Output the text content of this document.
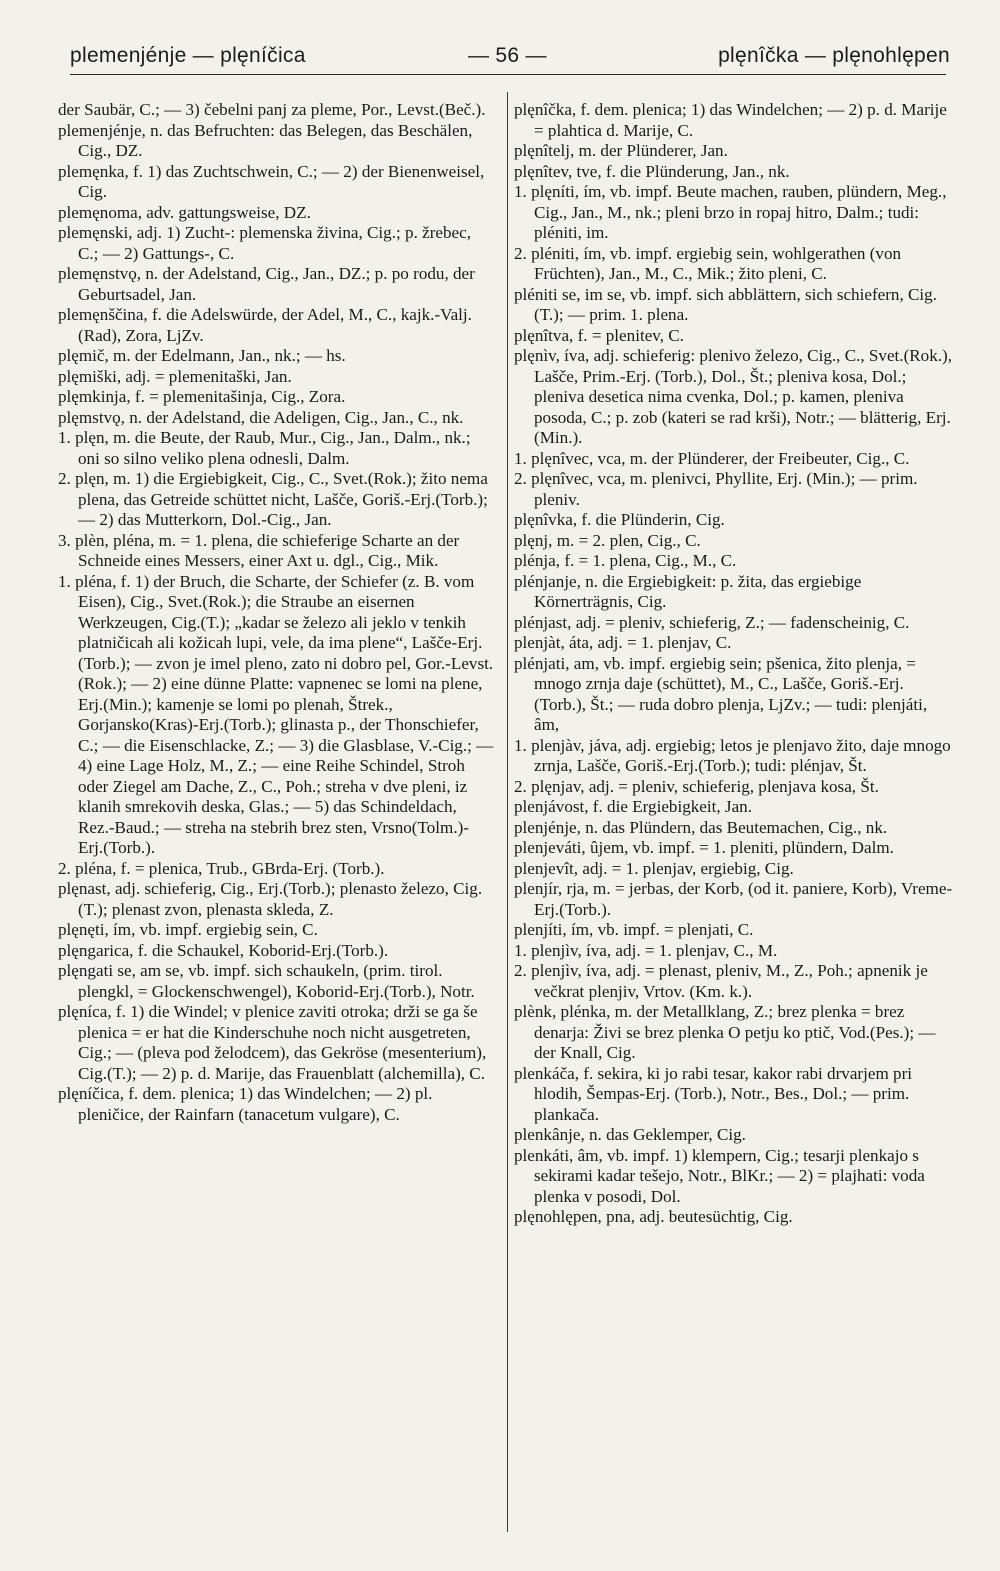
plemenjénje — plęníčica	— 56 —	plęnîčka — plęnohlępen

der Saubär, C.; — 3) čebelni panj za pleme, Por., Levst.(Beč.).

plemenjénje, n. das Befruchten: das Belegen, das Beschälen, Cig., DZ.

plemęnka, f. 1) das Zuchtschwein, C.; — 2) der Bienenweisel, Cig.

plemęnoma, adv. gattungsweise, DZ.

plemęnski, adj. 1) Zucht-: plemenska živina, Cig.; p. žrebec, C.; — 2) Gattungs-, C.

plemęnstvǫ, n. der Adelstand, Cig., Jan., DZ.; p. po rodu, der Geburtsadel, Jan.

plemęnščina, f. die Adelswürde, der Adel, M., C., kajk.-Valj.(Rad), Zora, LjZv.

plęmič, m. der Edelmann, Jan., nk.; — hs.

plęmiški, adj. = plemenitaški, Jan.

plęmkinja, f. = plemenitašinja, Cig., Zora.

plęmstvǫ, n. der Adelstand, die Adeligen, Cig., Jan., C., nk.

1. plęn, m. die Beute, der Raub, Mur., Cig., Jan., Dalm., nk.; oni so silno veliko plena odnesli, Dalm.

2. plęn, m. 1) die Ergiebigkeit, Cig., C., Svet.(Rok.); žito nema plena, das Getreide schüttet nicht, Lašče, Goriš.-Erj.(Torb.); — 2) das Mutterkorn, Dol.-Cig., Jan.

3. plèn, pléna, m. = 1. plena, die schieferige Scharte an der Schneide eines Messers, einer Axt u. dgl., Cig., Mik.

1. pléna, f. 1) der Bruch, die Scharte, der Schiefer (z. B. vom Eisen), Cig., Svet.(Rok.); die Straube an eisernen Werkzeugen, Cig.(T.); „kadar se železo ali jeklo v tenkih platničicah ali kožicah lupi, vele, da ima plene“, Lašče-Erj.(Torb.); — zvon je imel pleno, zato ni dobro pel, Gor.-Levst.(Rok.); — 2) eine dünne Platte: vapnenec se lomi na plene, Erj.(Min.); kamenje se lomi po plenah, Štrek., Gorjansko(Kras)-Erj.(Torb.); glinasta p., der Thonschiefer, C.; — die Eisenschlacke, Z.; — 3) die Glasblase, V.-Cig.; — 4) eine Lage Holz, M., Z.; — eine Reihe Schindel, Stroh oder Ziegel am Dache, Z., C., Poh.; streha v dve pleni, iz klanih smrekovih deska, Glas.; — 5) das Schindeldach, Rez.-Baud.; — streha na stebrih brez sten, Vrsno(Tolm.)-Erj.(Torb.).

2. pléna, f. = plenica, Trub., GBrda-Erj. (Torb.).

plęnast, adj. schieferig, Cig., Erj.(Torb.); plenasto železo, Cig.(T.); plenast zvon, plenasta skleda, Z.

plęnęti, ím, vb. impf. ergiebig sein, C.

plęngarica, f. die Schaukel, Koborid-Erj.(Torb.).

plęngati se, am se, vb. impf. sich schaukeln, (prim. tirol. plengkl, = Glockenschwengel), Koborid-Erj.(Torb.), Notr.

plęníca, f. 1) die Windel; v plenice zaviti otroka; drži se ga še plenica = er hat die Kinderschuhe noch nicht ausgetreten, Cig.; — (pleva pod želodcem), das Gekröse (mesenterium), Cig.(T.); — 2) p. d. Marije, das Frauenblatt (alchemilla), C.

plęníčica, f. dem. plenica; 1) das Windelchen; — 2) pl. pleničice, der Rainfarn (tanacetum vulgare), C.

plęnîčka, f. dem. plenica; 1) das Windelchen; — 2) p. d. Marije = plahtica d. Marije, C.

plęnîtelj, m. der Plünderer, Jan.

plęnîtev, tve, f. die Plünderung, Jan., nk.

1. plęníti, ím, vb. impf. Beute machen, rauben, plündern, Meg., Cig., Jan., M., nk.; pleni brzo in ropaj hitro, Dalm.; tudi: pléniti, im.

2. pléniti, ím, vb. impf. ergiebig sein, wohlgerathen (von Früchten), Jan., M., C., Mik.; žito pleni, C.

pléniti se, im se, vb. impf. sich abblättern, sich schiefern, Cig.(T.); — prim. 1. plena.

plęnîtva, f. = plenitev, C.

plęnìv, íva, adj. schieferig: plenivo železo, Cig., C., Svet.(Rok.), Lašče, Prim.-Erj. (Torb.), Dol., Št.; pleniva kosa, Dol.; pleniva desetica nima cvenka, Dol.; p. kamen, pleniva posoda, C.; p. zob (kateri se rad krši), Notr.; — blätterig, Erj.(Min.).

1. plęnîvec, vca, m. der Plünderer, der Freibeuter, Cig., C.

2. plęnîvec, vca, m. plenivci, Phyllite, Erj. (Min.); — prim. pleniv.

plęnîvka, f. die Plünderin, Cig.

plęnj, m. = 2. plen, Cig., C.

plénja, f. = 1. plena, Cig., M., C.

plénjanje, n. die Ergiebigkeit: p. žita, das ergiebige Körnerträgnis, Cig.

plénjast, adj. = pleniv, schieferig, Z.; — fadenscheinig, C.

plenjàt, áta, adj. = 1. plenjav, C.

plénjati, am, vb. impf. ergiebig sein; pšenica, žito plenja, = mnogo zrnja daje (schüttet), M., C., Lašče, Goriš.-Erj.(Torb.), Št.; — ruda dobro plenja, LjZv.; — tudi: plenjáti, âm,

1. plenjàv, jáva, adj. ergiebig; letos je plenjavo žito, daje mnogo zrnja, Lašče, Goriš.-Erj.(Torb.); tudi: plénjav, Št.

2. plęnjav, adj. = pleniv, schieferig, plenjava kosa, Št.

plenjávost, f. die Ergiebigkeit, Jan.

plenjénje, n. das Plündern, das Beutemachen, Cig., nk.

plenjeváti, ûjem, vb. impf. = 1. pleniti, plündern, Dalm.

plenjevît, adj. = 1. plenjav, ergiebig, Cig.

plenjír, rja, m. = jerbas, der Korb, (od it. paniere, Korb), Vreme-Erj.(Torb.).

plenjíti, ím, vb. impf. = plenjati, C.

1. plenjìv, íva, adj. = 1. plenjav, C., M.

2. plenjìv, íva, adj. = plenast, pleniv, M., Z., Poh.; apnenik je večkrat plenjiv, Vrtov. (Km. k.).

plènk, plénka, m. der Metallklang, Z.; brez plenka = brez denarja: Živi se brez plenka O petju ko ptič, Vod.(Pes.); — der Knall, Cig.

plenkáča, f. sekira, ki jo rabi tesar, kakor rabi drvarjem pri hlodih, Šempas-Erj. (Torb.), Notr., Bes., Dol.; — prim. plankača.

plenkânje, n. das Geklemper, Cig.

plenkáti, âm, vb. impf. 1) klempern, Cig.; tesarji plenkajo s sekirami kadar tešejo, Notr., BlKr.; — 2) = plajhati: voda plenka v posodi, Dol.

plęnohlępen, pna, adj. beutesüchtig, Cig.
